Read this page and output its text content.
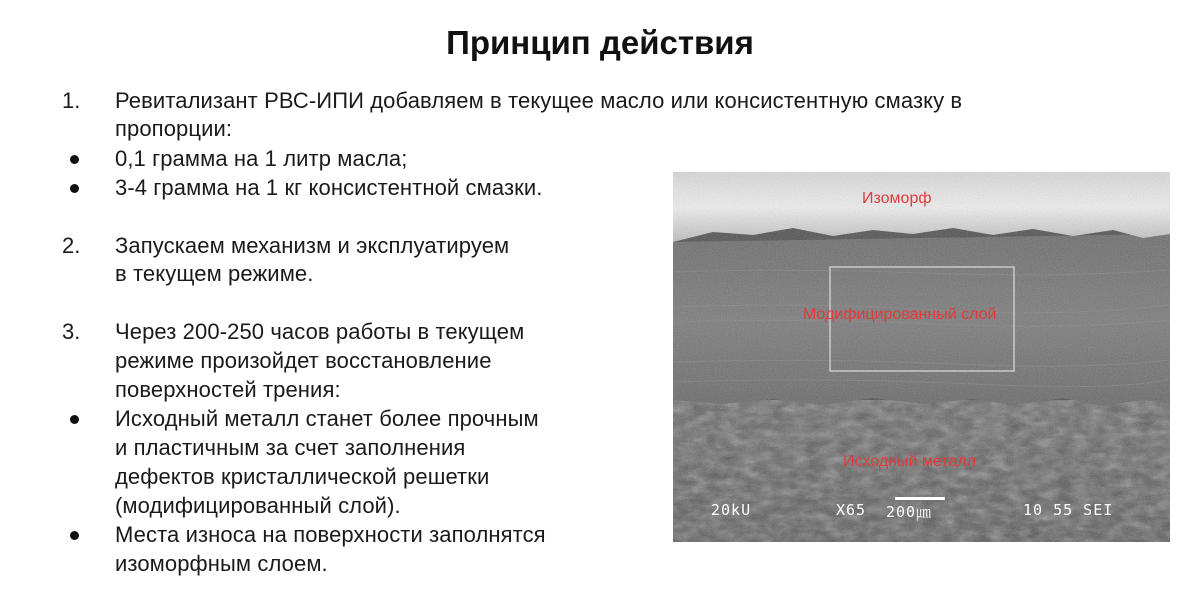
Принцип действия
1. Ревитализант РВС-ИПИ добавляем в текущее масло или консистентную смазку в
пропорции:
0,1 грамма на 1 литр масла;
3-4 грамма на 1 кг консистентной смазки.
2. Запускаем механизм и эксплуатируем
в текущем режиме.
3. Через 200-250 часов работы в текущем
режиме произойдет восстановление
поверхностей трения:
Исходный металл станет более прочным
и пластичным за счет заполнения
дефектов кристаллической решетки
(модифицированный слой).
Места износа на поверхности заполнятся
изоморфным слоем.
Изоморф
Модифицированный слой
Исходный металл
20kU	X65 200㎛	10 55 SEI
